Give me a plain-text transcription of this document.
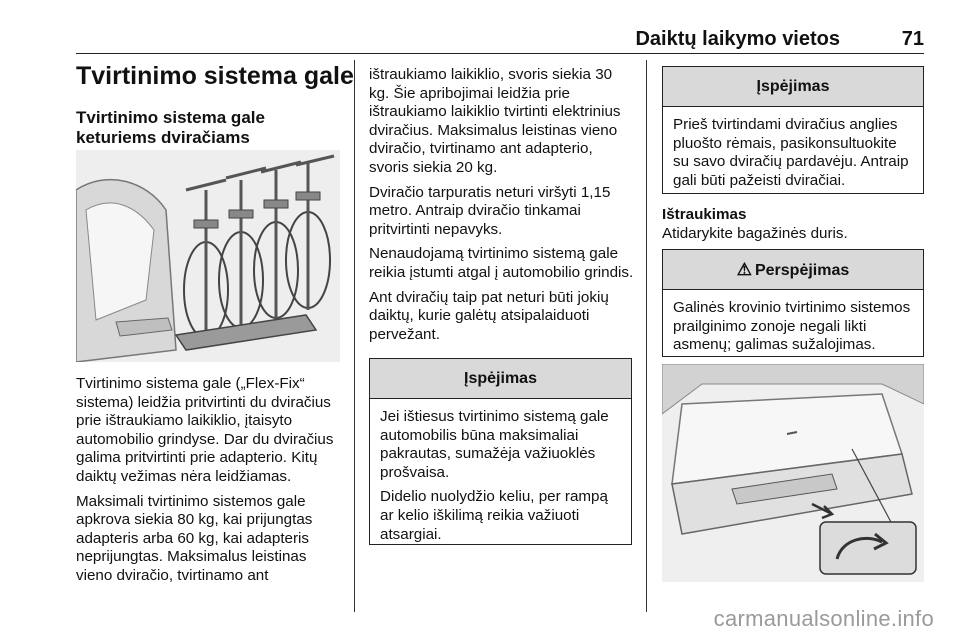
Daiktų laikymo vietos	71
Tvirtinimo sistema gale
Tvirtinimo sistema gale keturiems dviračiams

Tvirtinimo sistema gale („Flex-Fix“ sistema) leidžia pritvirtinti du dviračius prie ištraukiamo laikiklio, įtaisyto automobilio grindyse. Dar du dviračius galima pritvirtinti prie adapterio. Kitų daiktų vežimas nėra leidžiamas.

Maksimali tvirtinimo sistemos gale apkrova siekia 80 kg, kai prijungtas adapteris arba 60 kg, kai adapteris neprijungtas. Maksimalus leistinas vieno dviračio, tvirtinamo ant

ištraukiamo laikiklio, svoris siekia 30 kg. Šie apribojimai leidžia prie ištraukiamo laikiklio tvirtinti elektrinius dviračius. Maksimalus leistinas vieno dviračio, tvirtinamo ant adapterio, svoris siekia 20 kg.

Dviračio tarpuratis neturi viršyti 1,15 metro. Antraip dviračio tinkamai pritvirtinti nepavyks.

Nenaudojamą tvirtinimo sistemą gale reikia įstumti atgal į automobilio grindis.

Ant dviračių taip pat neturi būti jokių daiktų, kurie galėtų atsipalaiduoti pervežant.

Įspėjimas

Jei ištiesus tvirtinimo sistemą gale automobilis būna maksimaliai pakrautas, sumažėja važiuoklės prošvaisa.

Didelio nuolydžio keliu, per rampą ar kelio iškilimą reikia važiuoti atsargiai.

Įspėjimas

Prieš tvirtindami dviračius anglies pluošto rėmais, pasikonsultuokite su savo dviračių pardavėju. Antraip gali būti pažeisti dviračiai.

Ištraukimas
Atidarykite bagažinės duris.
⚠ Perspėjimas

Galinės krovinio tvirtinimo sistemos prailginimo zonoje negali likti asmenų; galimas sužalojimas.

carmanualsonline.info
